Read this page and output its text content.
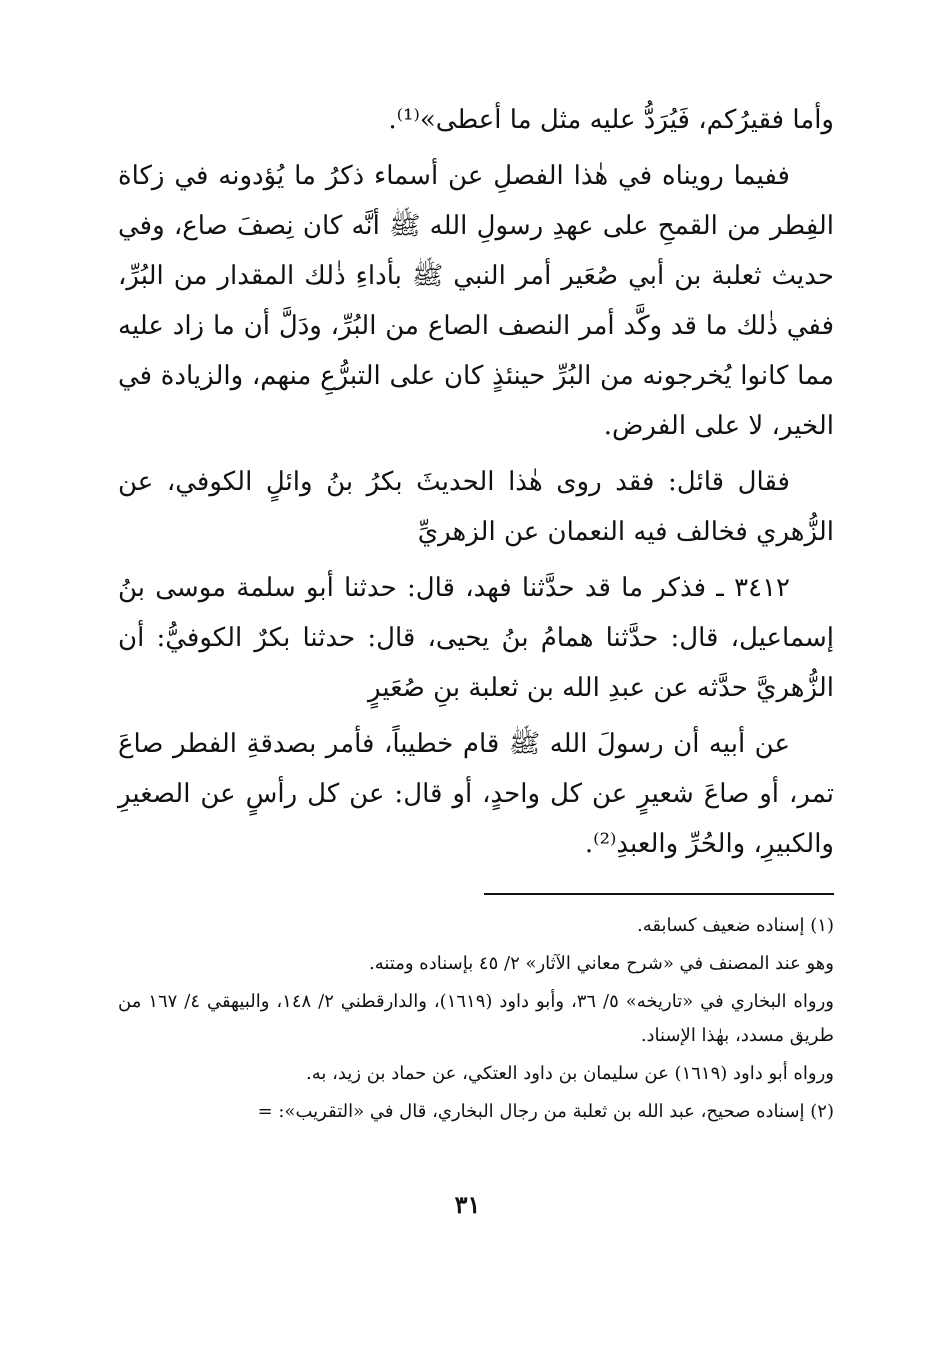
وأما فقيرُكم، فَيُرَدُّ عليه مثل ما أعطى»⁽¹⁾.

ففيما رويناه في هٰذا الفصلِ عن أسماء ذكرُ ما يُؤدونه في زكاة الفِطر من القمحِ على عهدِ رسولِ الله ﷺ أنَّه كان نِصفَ صاع، وفي حديث ثعلبة بن أبي صُعَير أمر النبي ﷺ بأداءِ ذٰلك المقدار من البُرِّ، ففي ذٰلك ما قد وكَّد أمر النصف الصاع من البُرِّ، ودَلَّ أن ما زاد عليه مما كانوا يُخرجونه من البُرِّ حينئذٍ كان على التبرُّعِ منهم، والزيادة في الخير، لا على الفرض.

فقال قائل: فقد روى هٰذا الحديثَ بكرُ بنُ وائلٍ الكوفي، عن الزُّهري فخالف فيه النعمان عن الزهريِّ

٣٤١٢ ـ فذكر ما قد حدَّثنا فهد، قال: حدثنا أبو سلمة موسى بنُ إسماعيل، قال: حدَّثنا همامُ بنُ يحيى، قال: حدثنا بكرٌ الكوفيُّ: أن الزُّهريَّ حدَّثه عن عبدِ الله بن ثعلبة بنِ صُعَيرٍ

عن أبيه أن رسولَ الله ﷺ قام خطيباً، فأمر بصدقةِ الفطر صاعَ تمر، أو صاعَ شعيرٍ عن كل واحدٍ، أو قال: عن كل رأسٍ عن الصغيرِ والكبيرِ، والحُرِّ والعبدِ⁽²⁾.

(١) إسناده ضعيف كسابقه.

وهو عند المصنف في «شرح معاني الآثار» ٢/ ٤٥ بإسناده ومتنه.

ورواه البخاري في «تاريخه» ٥/ ٣٦، وأبو داود (١٦١٩)، والدارقطني ٢/ ١٤٨، والبيهقي ٤/ ١٦٧ من طريق مسدد، بهٰذا الإسناد.

ورواه أبو داود (١٦١٩) عن سليمان بن داود العتكي، عن حماد بن زيد، به.

(٢) إسناده صحيح، عبد الله بن ثعلبة من رجال البخاري، قال في «التقريب»: =

٣١
